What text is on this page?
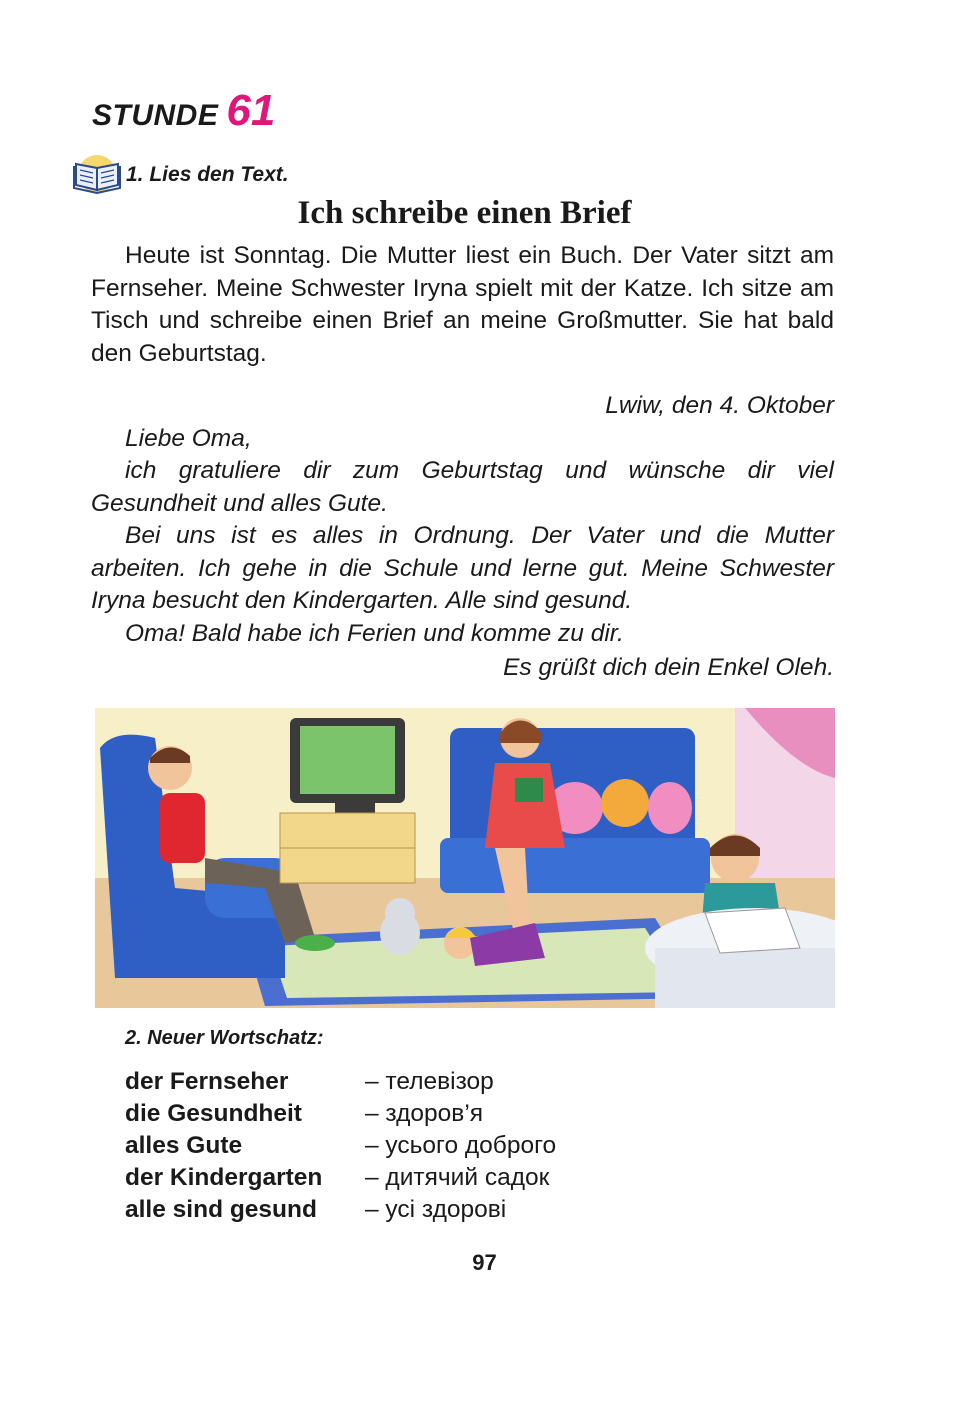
STUNDE 61
1. Lies den Text.
Ich schreibe einen Brief

Heute ist Sonntag. Die Mutter liest ein Buch. Der Vater sitzt am Fernseher. Meine Schwester Iryna spielt mit der Katze. Ich sitze am Tisch und schreibe einen Brief an meine Großmutter. Sie hat bald den Geburtstag.

Lwiw, den 4. Oktober

Liebe Oma,

ich gratuliere dir zum Geburtstag und wünsche dir viel Gesundheit und alles Gute.

Bei uns ist es alles in Ordnung. Der Vater und die Mutter arbeiten. Ich gehe in die Schule und lerne gut. Meine Schwester Iryna besucht den Kindergarten. Alle sind gesund.

Oma! Bald habe ich Ferien und komme zu dir.

Es grüßt dich dein Enkel Oleh.

2. Neuer Wortschatz:
der Fernseher	– телевізор
die Gesundheit	– здоров’я
alles Gute	– усього доброго
der Kindergarten	– дитячий садок
alle sind gesund	– усі здорові
97
